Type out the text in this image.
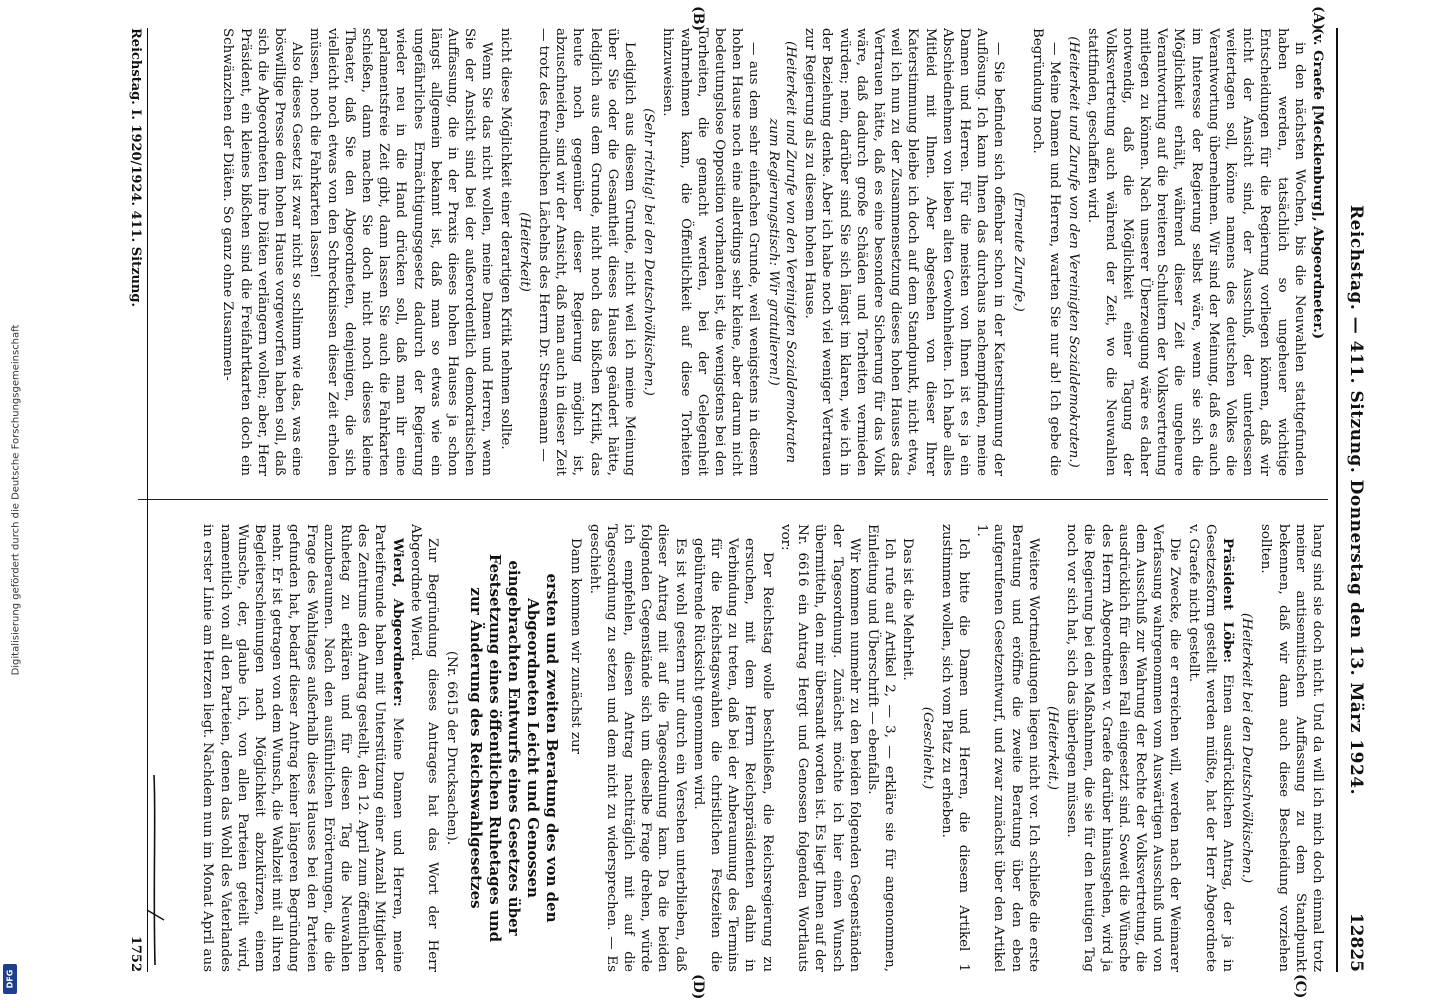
Digitalisierung gefördert durch die Deutsche Forschungsgemeinschaft
DFG
Reichstag. — 411. Sitzung. Donnerstag den 13. März 1924.
12825
(A)
(B)
(C)
(D)

(v. Graefe [Mecklenburg], Abgeordneter.)

in den nächsten Wochen, bis die Neuwahlen stattgefunden haben werden, tatsächlich so ungeheuer wichtige Entscheidungen für die Regierung vorliegen können, daß wir nicht der Ansicht sind, der Ausschuß, der unterdessen weitertagen soll, könne namens des deutschen Volkes die Verantwortung übernehmen. Wir sind der Meinung, daß es auch im Interesse der Regierung selbst wäre, wenn sie sich die Möglichkeit erhält, während dieser Zeit die ungeheure Verantwortung auf die breiteren Schultern der Volksvertretung mitlegen zu können. Nach unserer Überzeugung wäre es daher notwendig, daß die Möglichkeit einer Tagung der Volksvertretung auch während der Zeit, wo die Neuwahlen stattfinden, geschaffen wird.

(Heiterkeit und Zurufe von den Vereinigten Sozialdemokraten.)

— Meine Damen und Herren, warten Sie nur ab! Ich gebe die Begründung noch.

(Erneute Zurufe.)

— Sie befinden sich offenbar schon in der Katerstimmung der Auflösung. Ich kann Ihnen das durchaus nachempfinden, meine Damen und Herren. Für die meisten von Ihnen ist es ja ein Abschiednehmen von lieben alten Gewohnheiten. Ich habe alles Mitleid mit Ihnen. Aber abgesehen von dieser Ihrer Katerstimmung bleibe ich doch auf dem Standpunkt, nicht etwa, weil ich nun zu der Zusammensetzung dieses hohen Hauses das Vertrauen hätte, daß es eine besondere Sicherung für das Volk wäre, daß dadurch große Schäden und Torheiten vermieden würden; nein, darüber sind Sie sich längst im klaren, wie ich in der Beziehung denke. Aber ich habe noch viel weniger Vertrauen zur Regierung als zu diesem hohen Hause.

(Heiterkeit und Zurufe von den Vereinigten Sozialdemokraten zum Regierungstisch: Wir gratulieren!)

— aus dem sehr einfachen Grunde, weil wenigstens in diesem hohen Hause noch eine allerdings sehr kleine, aber darum nicht bedeutungslose Opposition vorhanden ist, die wenigstens bei den Torheiten, die gemacht werden, bei der Gelegenheit wahrnehmen kann, die Öffentlichkeit auf diese Torheiten hinzuweisen.

(Sehr richtig! bei den Deutschvölkischen.)

Lediglich aus diesem Grunde, nicht weil ich meine Meinung über Sie oder die Gesamtheit dieses Hauses geändert hätte, lediglich aus dem Grunde, nicht noch das bißchen Kritik, das heute noch gegenüber dieser Regierung möglich ist, abzuschneiden, sind wir der Ansicht, daß man auch in dieser Zeit — trotz des freundlichen Lächelns des Herrn Dr. Stresemann —

(Heiterkeit)

nicht diese Möglichkeit einer derartigen Kritik nehmen sollte.

Wenn Sie das nicht wollen, meine Damen und Herren, wenn Sie der Ansicht sind bei der außerordentlich demokratischen Auffassung, die in der Praxis dieses hohen Hauses ja schon längst allgemein bekannt ist, daß man so etwas wie ein ungefährliches Ermächtigungsgesetz dadurch der Regierung wieder neu in die Hand drücken soll, daß man ihr eine parlamentsfreie Zeit gibt, dann lassen Sie auch die Fahrkarten schießen, dann machen Sie doch nicht noch dieses kleine Theater, daß Sie den Abgeordneten, denjenigen, die sich vielleicht noch etwas von den Schrecknissen dieser Zeit erholen müssen, noch die Fahrkarten lassen!

Also dieses Gesetz ist zwar nicht so schlimm wie das, was eine böswillige Presse dem hohen Hause vorgeworfen haben soll, daß sich die Abgeordneten ihre Diäten verlängern wollen; aber, Herr Präsident, ein kleines bißchen sind die Freifahrtkarten doch ein Schwänzchen der Diäten. So ganz ohne Zusammen-

hang sind sie doch nicht. Und da will ich mich doch einmal trotz meiner antisemitischen Auffassung zu dem Standpunkt bekennen, daß wir dann auch diese Bescheidung vorziehen sollten.

(Heiterkeit bei den Deutschvölkischen.)

Präsident Löbe: Einen ausdrücklichen Antrag, der ja in Gesetzesform gestellt werden müßte, hat der Herr Abgeordnete v. Graefe nicht gestellt.

Die Zwecke, die er erreichen will, werden nach der Weimarer Verfassung wahrgenommen vom Auswärtigen Ausschuß und von dem Ausschuß zur Wahrung der Rechte der Volksvertretung, die ausdrücklich für diesen Fall eingesetzt sind. Soweit die Wünsche des Herrn Abgeordneten v. Graefe darüber hinausgehen, wird ja die Regierung bei den Maßnahmen, die sie für den heutigen Tag noch vor sich hat, sich das überlegen müssen.

(Heiterkeit.)

Weitere Wortmeldungen liegen nicht vor. Ich schließe die erste Beratung und eröffne die zweite Beratung über den eben aufgerufenen Gesetzentwurf, und zwar zunächst über den Artikel 1.

Ich bitte die Damen und Herren, die diesem Artikel 1 zustimmen wollen, sich vom Platz zu erheben.

(Geschieht.)

Das ist die Mehrheit.

Ich rufe auf Artikel 2, — 3, — erkläre sie für angenommen, Einleitung und Überschrift — ebenfalls.

Wir kommen nunmehr zu den beiden folgenden Gegenständen der Tagesordnung. Zunächst möchte ich hier einen Wunsch übermitteln, den mir übersandt worden ist. Es liegt Ihnen auf der Nr. 6616 ein Antrag Hergt und Genossen folgenden Wortlauts vor:

Der Reichstag wolle beschließen, die Reichsregierung zu ersuchen, mit dem Herrn Reichspräsidenten dahin in Verbindung zu treten, daß bei der Anberaumung des Termins für die Reichstagswahlen die christlichen Festzeiten die gebührende Rücksicht genommen wird.

Es ist wohl gestern nur durch ein Versehen unterblieben, daß dieser Antrag mit auf die Tagesordnung kam. Da die beiden folgenden Gegenstände sich um dieselbe Frage drehen, würde ich empfehlen, diesen Antrag nachträglich mit auf die Tagesordnung zu setzen und dem nicht zu widersprechen. — Es geschieht.

Dann kommen wir zunächst zur

ersten und zweiten Beratung des von den Abgeordneten Leicht und Genossen eingebrachten Entwurfs eines Gesetzes über Festsetzung eines öffentlichen Ruhetages und zur Änderung des Reichswahlgesetzes

(Nr. 6615 der Drucksachen).

Zur Begründung dieses Antrages hat das Wort der Herr Abgeordnete Wierd.

Wierd, Abgeordneter: Meine Damen und Herren, meine Parteifreunde haben mit Unterstützung einer Anzahl Mitglieder des Zentrums den Antrag gestellt, den 12. April zum öffentlichen Ruhetag zu erklären und für diesen Tag die Neuwahlen anzuberaumen. Nach den ausführlichen Erörterungen, die die Frage des Wahltages außerhalb dieses Hauses bei den Parteien gefunden hat, bedarf dieser Antrag keiner längeren Begründung mehr. Er ist getragen von dem Wunsch, die Wahlzeit mit all ihren Begleiterscheinungen nach Möglichkeit abzukürzen, einem Wunsche, der, glaube ich, von allen Parteien geteilt wird, namentlich von all den Parteien, denen das Wohl des Vaterlandes in erster Linie am Herzen liegt. Nachdem nun im Monat April aus

Reichstag. I. 1920/1924. 411. Sitzung.
1752
